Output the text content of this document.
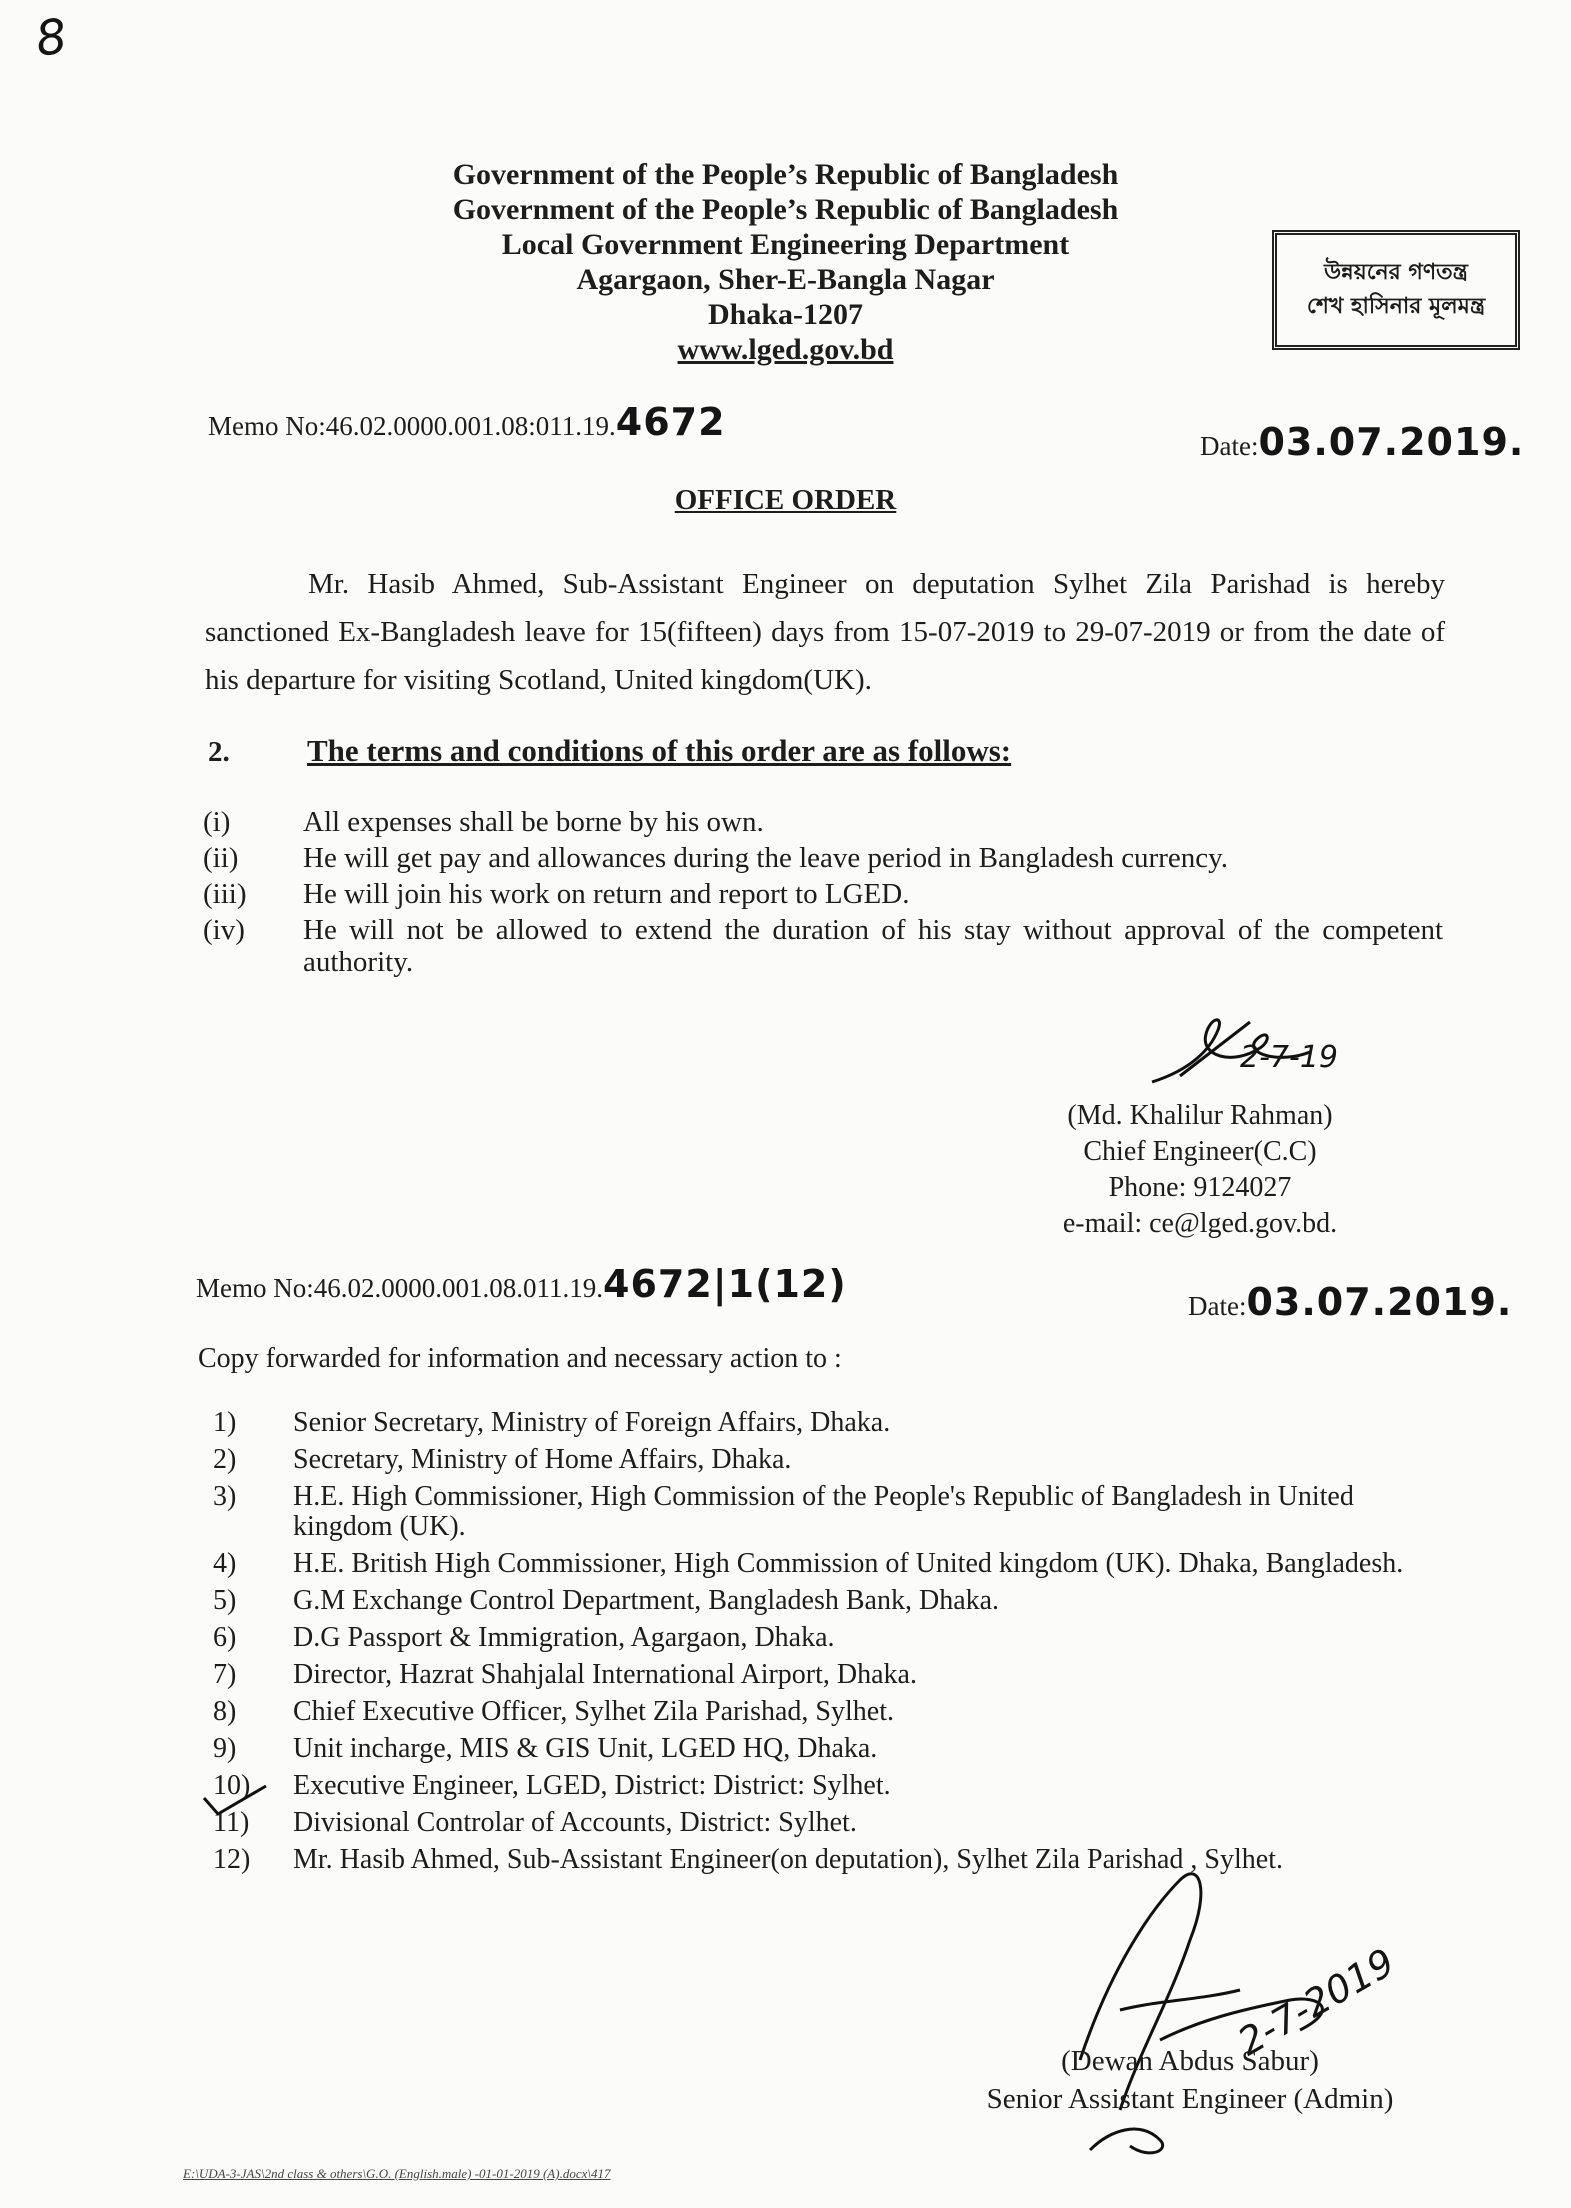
8
Government of the People’s Republic of Bangladesh
Government of the People’s Republic of Bangladesh
Local Government Engineering Department
Agargaon, Sher-E-Bangla Nagar
Dhaka-1207
www.lged.gov.bd
উন্নয়নের গণতন্ত্র
শেখ হাসিনার মূলমন্ত্র
Memo No:46.02.0000.001.08:011.19.4672
Date:03.07.2019.
OFFICE ORDER
Mr. Hasib Ahmed, Sub-Assistant Engineer on deputation Sylhet Zila Parishad is hereby sanctioned Ex-Bangladesh leave for 15(fifteen) days from 15-07-2019 to 29-07-2019 or from the date of his departure for visiting Scotland, United kingdom(UK).
2. The terms and conditions of this order are as follows:
(i)	All expenses shall be borne by his own.
(ii)	He will get pay and allowances during the leave period in Bangladesh currency.
(iii)	He will join his work on return and report to LGED.
(iv)	He will not be allowed to extend the duration of his stay without approval of the competent authority.
2-7-19
(Md. Khalilur Rahman)
Chief Engineer(C.C)
Phone: 9124027
e-mail: ce@lged.gov.bd.
Memo No:46.02.0000.001.08.011.19.4672|1(12)	Date:03.07.2019.
Copy forwarded for information and necessary action to :
1)	Senior Secretary, Ministry of Foreign Affairs, Dhaka.
2)	Secretary, Ministry of Home Affairs, Dhaka.
3)	H.E. High Commissioner, High Commission of the People's Republic of Bangladesh in United kingdom (UK).
4)	H.E. British High Commissioner, High Commission of United kingdom (UK). Dhaka, Bangladesh.
5)	G.M Exchange Control Department, Bangladesh Bank, Dhaka.
6)	D.G Passport & Immigration, Agargaon, Dhaka.
7)	Director, Hazrat Shahjalal International Airport, Dhaka.
8)	Chief Executive Officer, Sylhet Zila Parishad, Sylhet.
9)	Unit incharge, MIS & GIS Unit, LGED HQ, Dhaka.
10)	Executive Engineer, LGED, District: District: Sylhet.
11)	Divisional Controlar of Accounts, District: Sylhet.
12)	Mr. Hasib Ahmed, Sub-Assistant Engineer(on deputation), Sylhet Zila Parishad , Sylhet.
2-7-2019
(Dewan Abdus Sabur)
Senior Assistant Engineer (Admin)
E:\UDA-3-JAS\2nd class & others\G.O. (English.male) -01-01-2019 (A).docx\417
